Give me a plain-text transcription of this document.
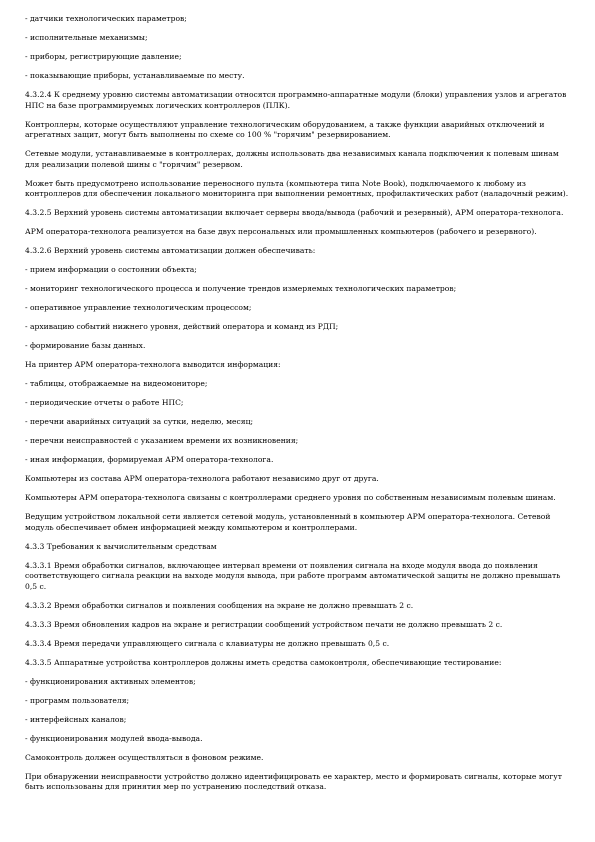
- датчики технологических параметров;

- исполнительные механизмы;

- приборы, регистрирующие давление;

- показывающие приборы, устанавливаемые по месту.

4.3.2.4 К среднему уровню системы автоматизации относятся программно-аппаратные модули (блоки) управления узлов и агрегатов НПС на базе программируемых логических контроллеров (ПЛК).

Контроллеры, которые осуществляют управление технологическим оборудованием, а также функции аварийных отключений и агрегатных защит, могут быть выполнены по схеме со 100 % "горячим" резервированием.

Сетевые модули, устанавливаемые в контроллерах, должны использовать два независимых канала подключения к полевым шинам для реализации полевой шины с "горячим" резервом.

Может быть предусмотрено использование переносного пульта (компьютера типа Note Book), подключаемого к любому из контроллеров для обеспечения локального мониторинга при выполнении ремонтных, профилактических работ (наладочный режим).

4.3.2.5 Верхний уровень системы автоматизации включает серверы ввода/вывода (рабочий и резервный), АРМ оператора-технолога.

АРМ оператора-технолога реализуется на базе двух персональных или промышленных компьютеров (рабочего и резервного).

4.3.2.6 Верхний уровень системы автоматизации должен обеспечивать:

- прием информации о состоянии объекта;

- мониторинг технологического процесса и получение трендов измеряемых технологических параметров;

- оперативное управление технологическим процессом;

- архивацию событий нижнего уровня, действий оператора и команд из РДП;

- формирование базы данных.

На принтер АРМ оператора-технолога выводится информация:

- таблицы, отображаемые на видеомониторе;

- периодические отчеты о работе НПС;

- перечни аварийных ситуаций за сутки, неделю, месяц;

- перечни неисправностей с указанием времени их возникновения;

- иная информация, формируемая АРМ оператора-технолога.

Компьютеры из состава АРМ оператора-технолога работают независимо друг от друга.

Компьютеры АРМ оператора-технолога связаны с контроллерами среднего уровня по собственным независимым полевым шинам.

Ведущим устройством локальной сети является сетевой модуль, установленный в компьютер АРМ оператора-технолога. Сетевой модуль обеспечивает обмен информацией между компьютером и контроллерами.

4.3.3 Требования к вычислительным средствам

4.3.3.1 Время обработки сигналов, включающее интервал времени от появления сигнала на входе модуля ввода до появления соответствующего сигнала реакции на выходе модуля вывода, при работе программ автоматической защиты не должно превышать 0,5 с.

4.3.3.2 Время обработки сигналов и появления сообщения на экране не должно превышать 2 с.

4.3.3.3 Время обновления кадров на экране и регистрации сообщений устройством печати не должно превышать 2 с.

4.3.3.4 Время передачи управляющего сигнала с клавиатуры не должно превышать 0,5 с.

4.3.3.5 Аппаратные устройства контроллеров должны иметь средства самоконтроля, обеспечивающие тестирование:

- функционирования активных элементов;

- программ пользователя;

- интерфейсных каналов;

- функционирования модулей ввода-вывода.

Самоконтроль должен осуществляться в фоновом режиме.

При обнаружении неисправности устройство должно идентифицировать ее характер, место и формировать сигналы, которые могут быть использованы для принятия мер по устранению последствий отказа.
